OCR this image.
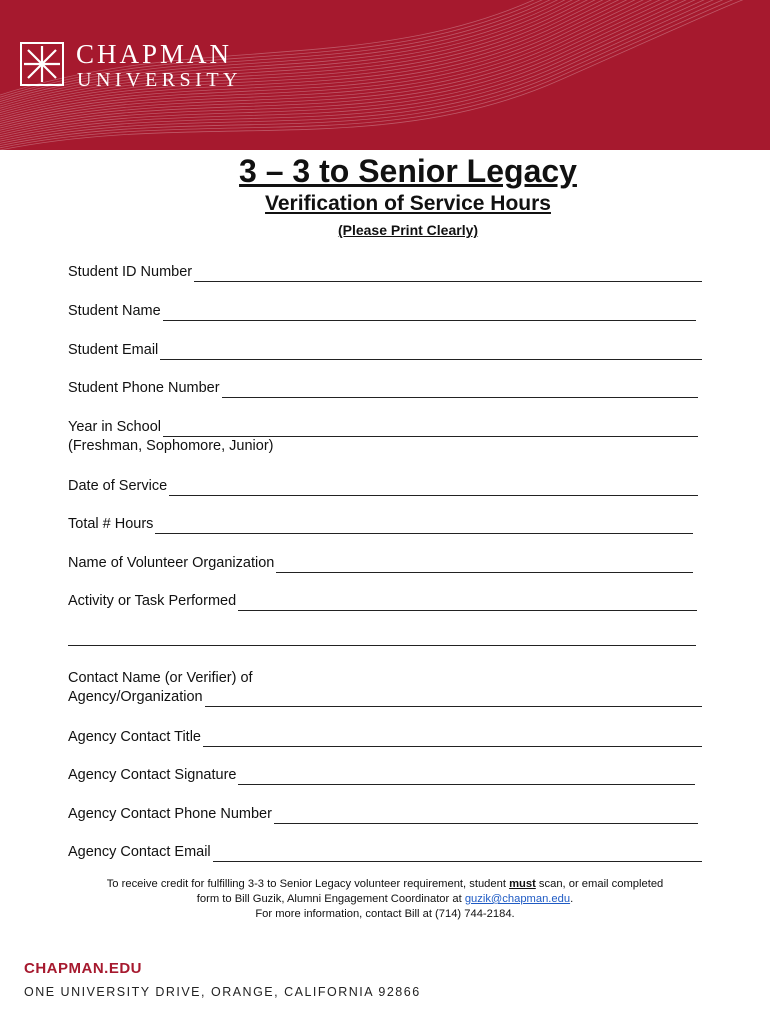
CHAPMAN
UNIVERSITY
3 – 3 to Senior Legacy
Verification of Service Hours
(Please Print Clearly)
Student ID Number
Student Name
Student Email
Student Phone Number
Year in School
(Freshman, Sophomore, Junior)
Date of Service
Total # Hours
Name of Volunteer Organization
Activity or Task Performed
Contact Name (or Verifier) of
Agency/Organization
Agency Contact Title
Agency Contact Signature
Agency Contact Phone Number
Agency Contact Email
To receive credit for fulfilling 3-3 to Senior Legacy volunteer requirement, student must scan, or email completed
form to Bill Guzik, Alumni Engagement Coordinator at guzik@chapman.edu.
For more information, contact Bill at (714) 744-2184.
CHAPMAN.EDU
ONE UNIVERSITY DRIVE, ORANGE, CALIFORNIA 92866
